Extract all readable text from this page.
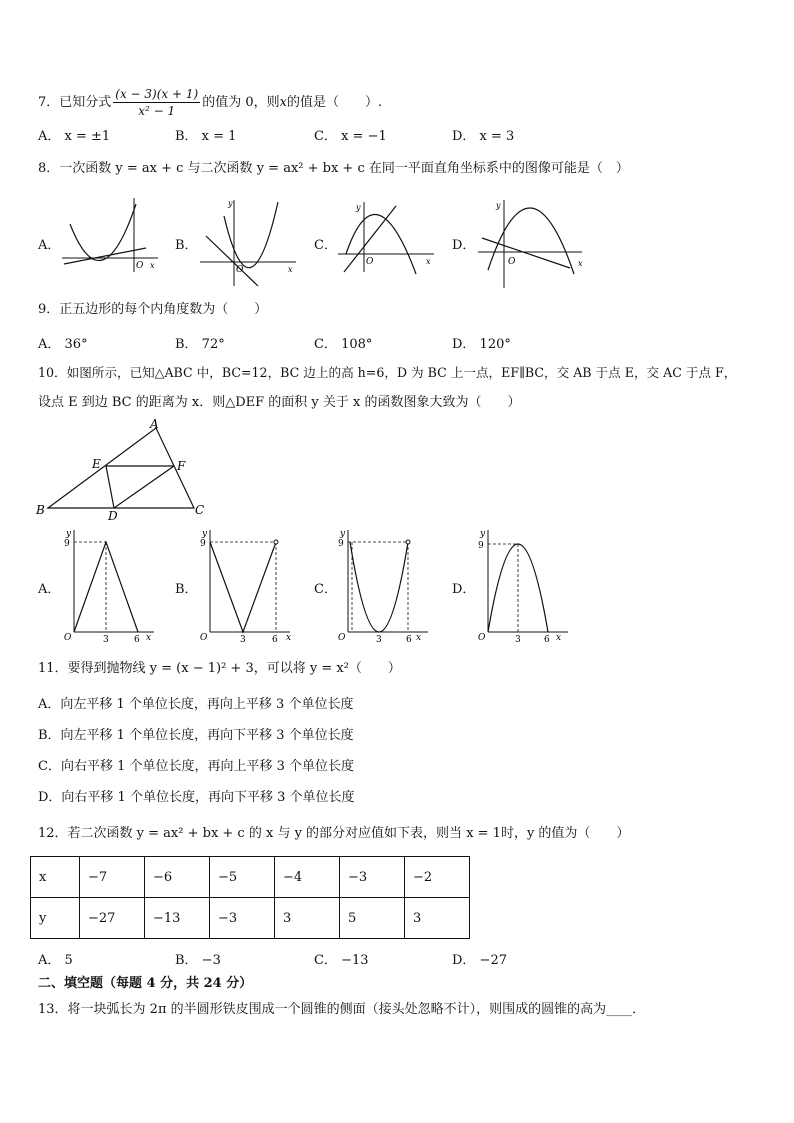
7．已知分式 $\frac{(x - 3)(x + 1)}{\text{x² − 1}}$ 的值为 0，则x的值是（　　）.
A． x = ±1	B． x = 1	C． x = −1	D． x = 3
8．一次函数 y = ax + c 与二次函数 y = ax² + bx + c 在同一平面直角坐标系中的图像可能是（　）
A．
O x
B．
y
O	x
C．
y
O	x
D．
y
O	x
9．正五边形的每个内角度数为（　　）
A． 36°	B． 72°	C． 108°	D． 120°
10．如图所示，已知△ABC 中，BC=12，BC 边上的高 h=6，D 为 BC 上一点，EF∥BC，交 AB 于点 E，交 AC 于点 F，
设点 E 到边 BC 的距离为 x．则△DEF 的面积 y 关于 x 的函数图象大致为（　　）
A
E	F
B	D	C
A．
y
9
O	3	6 x
B．
y
9
O	3	6 x
C．
y
9
O	3	6 x
D．
y
9
O	3	6 x
11．要得到抛物线 y = (x − 1)² + 3，可以将 y = x²（　　）
A．向左平移 1 个单位长度，再向上平移 3 个单位长度
B．向左平移 1 个单位长度，再向下平移 3 个单位长度
C．向右平移 1 个单位长度，再向上平移 3 个单位长度
D．向右平移 1 个单位长度，再向下平移 3 个单位长度
12．若二次函数 y = ax² + bx + c 的 x 与 y 的部分对应值如下表，则当 x = 1时，y 的值为（　　）
x	−7	−6	−5	−4	−3	−2
y	−27	−13	−3	3	5	3
A． 5	B． −3	C． −13	D． −27
二、填空题（每题 4 分，共 24 分）
13．将一块弧长为 2π 的半圆形铁皮围成一个圆锥的侧面（接头处忽略不计），则围成的圆锥的高为____．
